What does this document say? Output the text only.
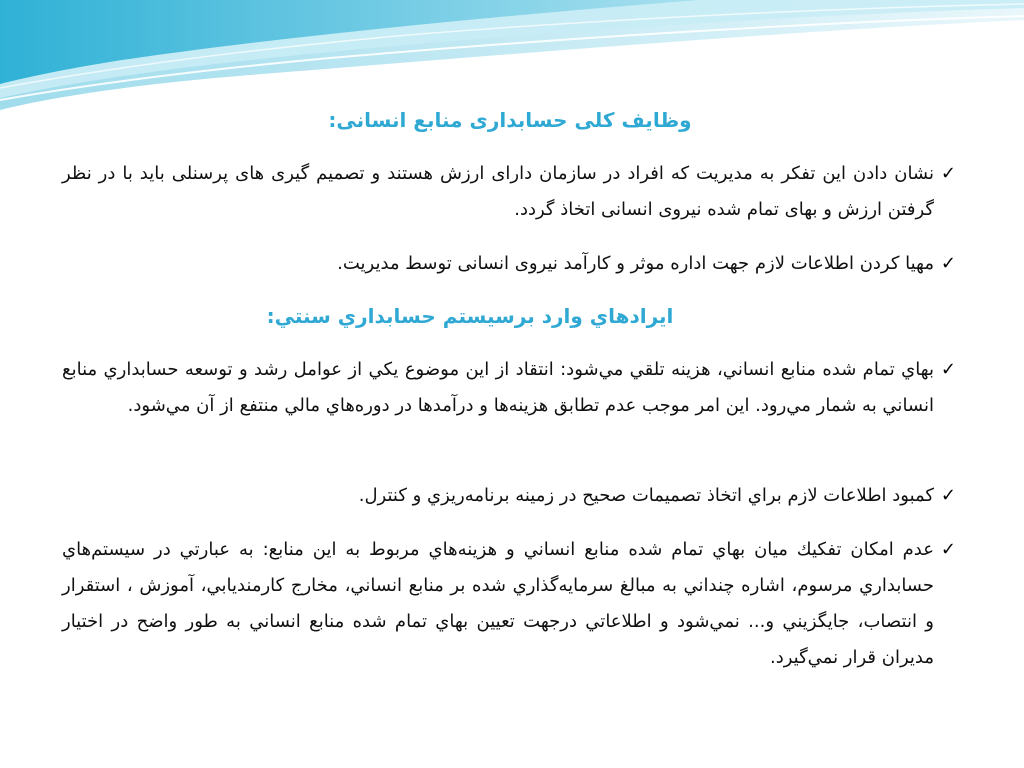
وظایف کلی حسابداری منابع انسانی:
✓
نشان دادن این تفکر به مدیریت که افراد در سازمان دارای ارزش هستند و تصمیم گیری های پرسنلی باید با در نظر گرفتن ارزش و بهای تمام شده نیروی انسانی اتخاذ گردد.
✓
مهیا کردن اطلاعات لازم جهت اداره موثر و کارآمد نیروی انسانی توسط مدیریت.
ايرادهاي وارد برسيستم حسابداري سنتي:
✓
بهاي تمام شده منابع انساني، هزينه تلقي مي‌شود: انتقاد از اين موضوع يكي از عوامل رشد و توسعه حسابداري منابع انساني به شمار مي‌رود. اين امر موجب عدم تطابق هزينه‌ها و درآمدها در دوره‌هاي مالي منتفع از آن مي‌شود.
✓
كمبود اطلاعات لازم براي اتخاذ تصميمات صحيح در زمينه برنامه‌ريزي و كنترل.
✓
عدم امكان تفكيك ميان بهاي تمام شده منابع انساني و هزينه‌هاي مربوط به اين منابع: به عبارتي در سيستم‌هاي حسابداري مرسوم، اشاره چنداني به مبالغ سرمايه‌گذاري شده بر منابع انساني، مخارج كارمنديابي، آموزش ، استقرار و انتصاب، جايگزيني و... نمي‌شود و اطلاعاتي درجهت تعيين بهاي تمام شده منابع انساني به طور واضح در اختيار مديران قرار نمي‌گيرد.
